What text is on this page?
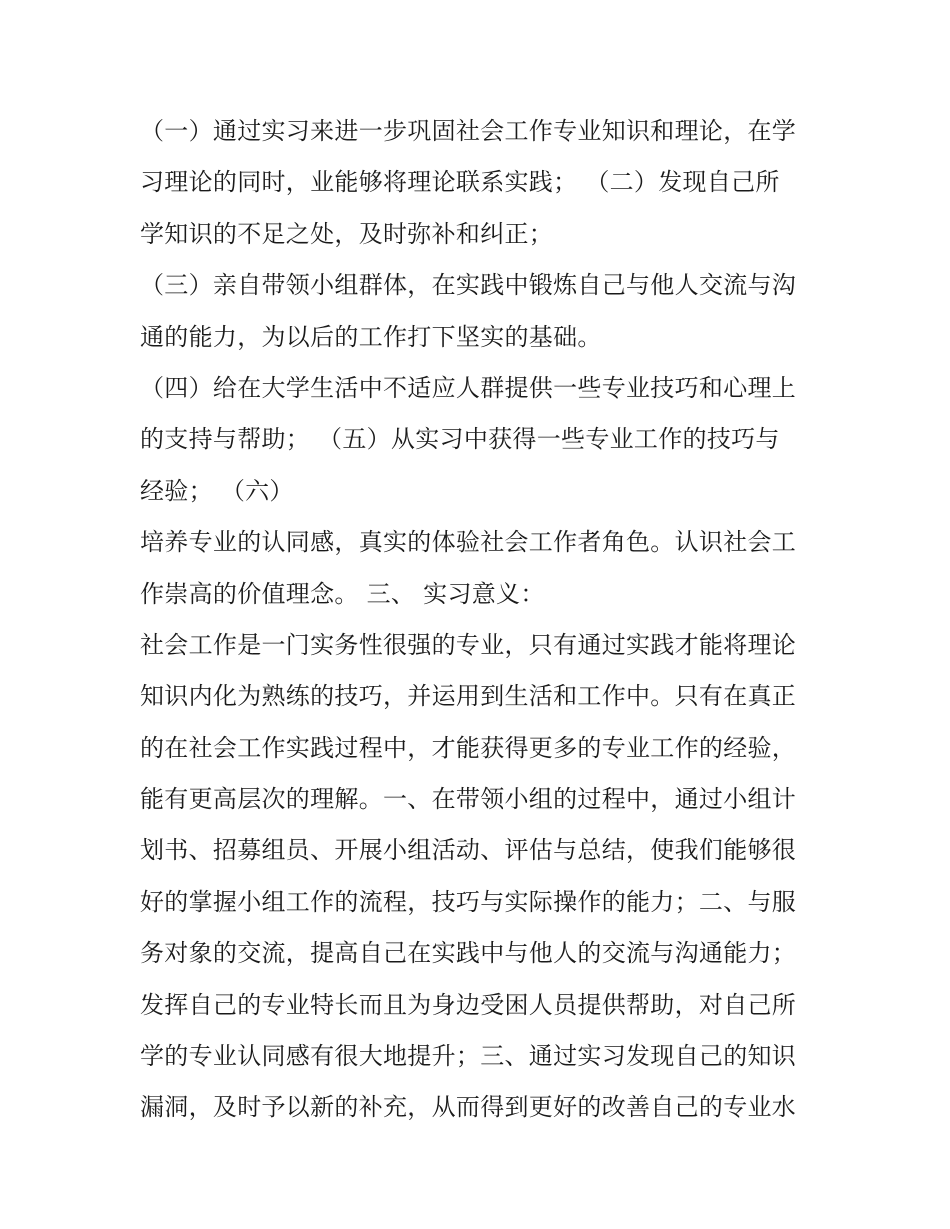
（一）通过实习来进一步巩固社会工作专业知识和理论，在学
习理论的同时，业能够将理论联系实践； （二）发现自己所
学知识的不足之处，及时弥补和纠正；
（三）亲自带领小组群体，在实践中锻炼自己与他人交流与沟
通的能力，为以后的工作打下坚实的基础。
（四）给在大学生活中不适应人群提供一些专业技巧和心理上
的支持与帮助； （五）从实习中获得一些专业工作的技巧与
经验； （六）
培养专业的认同感，真实的体验社会工作者角色。认识社会工
作崇高的价值理念。 三、 实习意义：
社会工作是一门实务性很强的专业，只有通过实践才能将理论
知识内化为熟练的技巧，并运用到生活和工作中。只有在真正
的在社会工作实践过程中，才能获得更多的专业工作的经验，
能有更高层次的理解。一、在带领小组的过程中，通过小组计
划书、招募组员、开展小组活动、评估与总结，使我们能够很
好的掌握小组工作的流程，技巧与实际操作的能力；二、与服
务对象的交流，提高自己在实践中与他人的交流与沟通能力；
发挥自己的专业特长而且为身边受困人员提供帮助，对自己所
学的专业认同感有很大地提升；三、通过实习发现自己的知识
漏洞，及时予以新的补充，从而得到更好的改善自己的专业水
